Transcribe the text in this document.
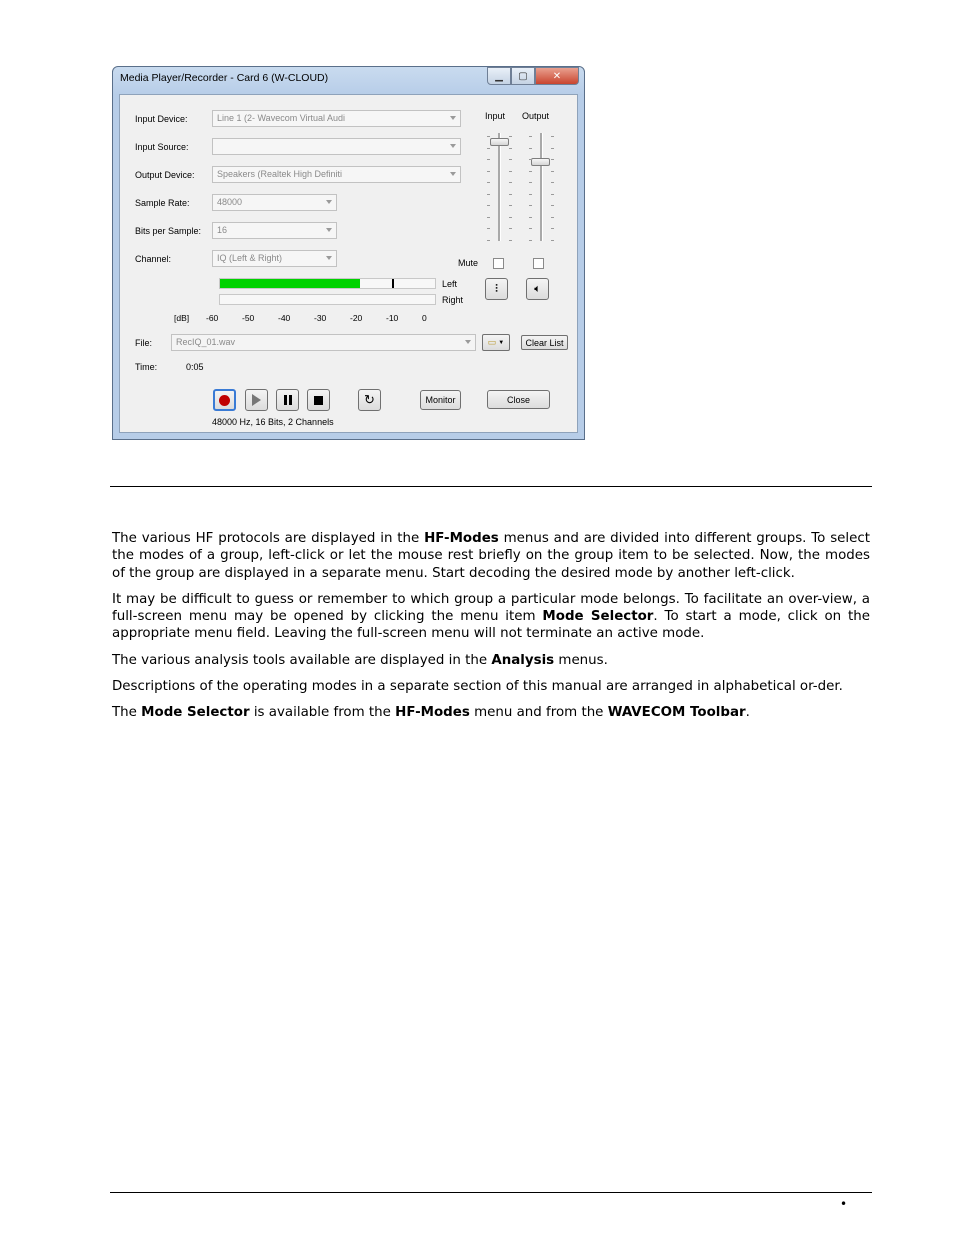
Media Player/Recorder - Card 6 (W-CLOUD)	▁ ▢	✕
Input Device:	Line 1 (2- Wavecom Virtual Audi
Input Source:
Output Device:	Speakers (Realtek High Definiti
Sample Rate:	48000
Bits per Sample:	16
Channel:	IQ (Left & Right)
Input Output
Mute
⫶	🔈︎
Left
Right
[dB] -60	-50	-40	-30	-20	-10	0
File:	RecIQ_01.wav	▭ ▼	Clear List
Time:	0:05
↻	Monitor	Close
48000 Hz, 16 Bits, 2 Channels

The various HF protocols are displayed in the HF-Modes menus and are divided into different groups. To select the modes of a group, left-click or let the mouse rest briefly on the group item to be selected. Now, the modes of the group are displayed in a separate menu. Start decoding the desired mode by another left-click.

It may be difficult to guess or remember to which group a particular mode belongs. To facilitate an over-view, a full-screen menu may be opened by clicking the menu item Mode Selector. To start a mode, click on the appropriate menu field. Leaving the full-screen menu will not terminate an active mode.

The various analysis tools available are displayed in the Analysis menus.

Descriptions of the operating modes in a separate section of this manual are arranged in alphabetical or-der.

The Mode Selector is available from the HF-Modes menu and from the WAVECOM Toolbar.

•
